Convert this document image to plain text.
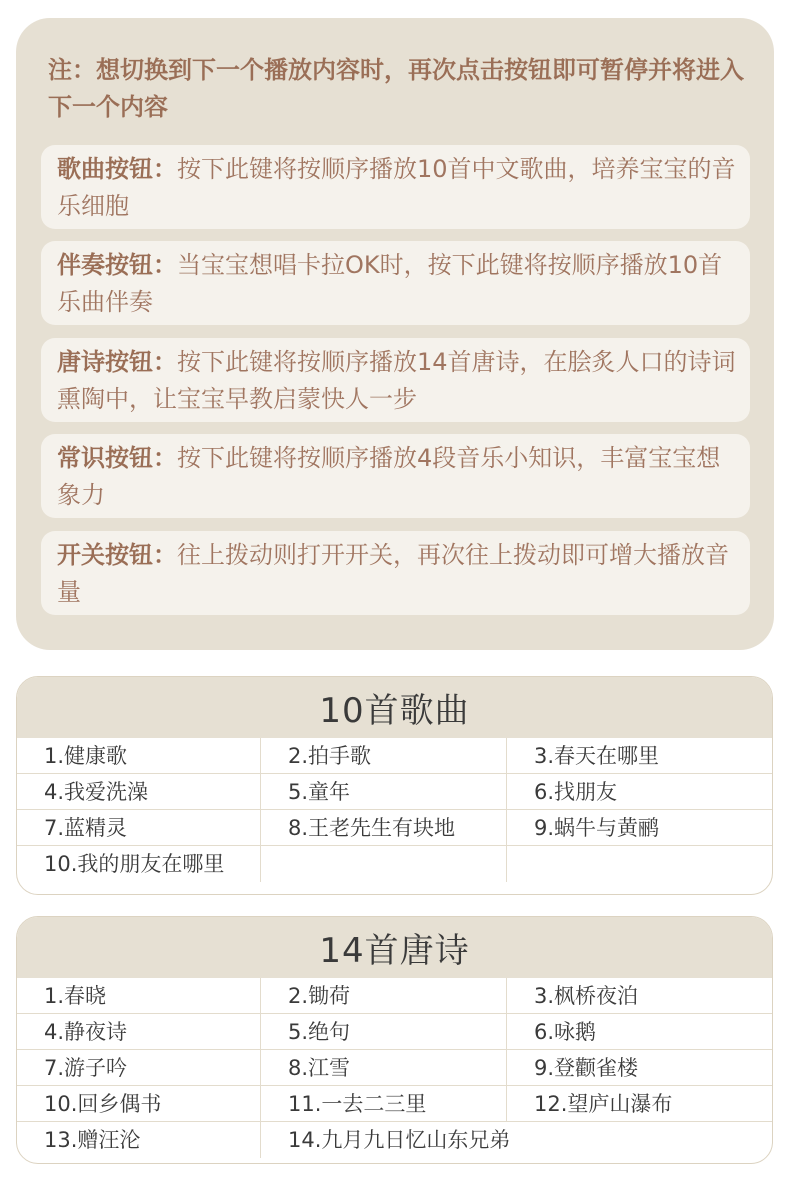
注：想切换到下一个播放内容时，再次点击按钮即可暂停并将进入下一个内容
歌曲按钮：按下此键将按顺序播放10首中文歌曲，培养宝宝的音乐细胞
伴奏按钮：当宝宝想唱卡拉OK时，按下此键将按顺序播放10首乐曲伴奏
唐诗按钮：按下此键将按顺序播放14首唐诗，在脍炙人口的诗词熏陶中，让宝宝早教启蒙快人一步
常识按钮：按下此键将按顺序播放4段音乐小知识，丰富宝宝想象力
开关按钮：往上拨动则打开开关，再次往上拨动即可增大播放音量
10首歌曲
1.健康歌	2.拍手歌	3.春天在哪里
4.我爱洗澡	5.童年	6.找朋友
7.蓝精灵	8.王老先生有块地	9.蜗牛与黄鹂
10.我的朋友在哪里
14首唐诗
1.春晓	2.锄荷	3.枫桥夜泊
4.静夜诗	5.绝句	6.咏鹅
7.游子吟	8.江雪	9.登颧雀楼
10.回乡偶书	11.一去二三里	12.望庐山瀑布
13.赠汪沦	14.九月九日忆山东兄弟
